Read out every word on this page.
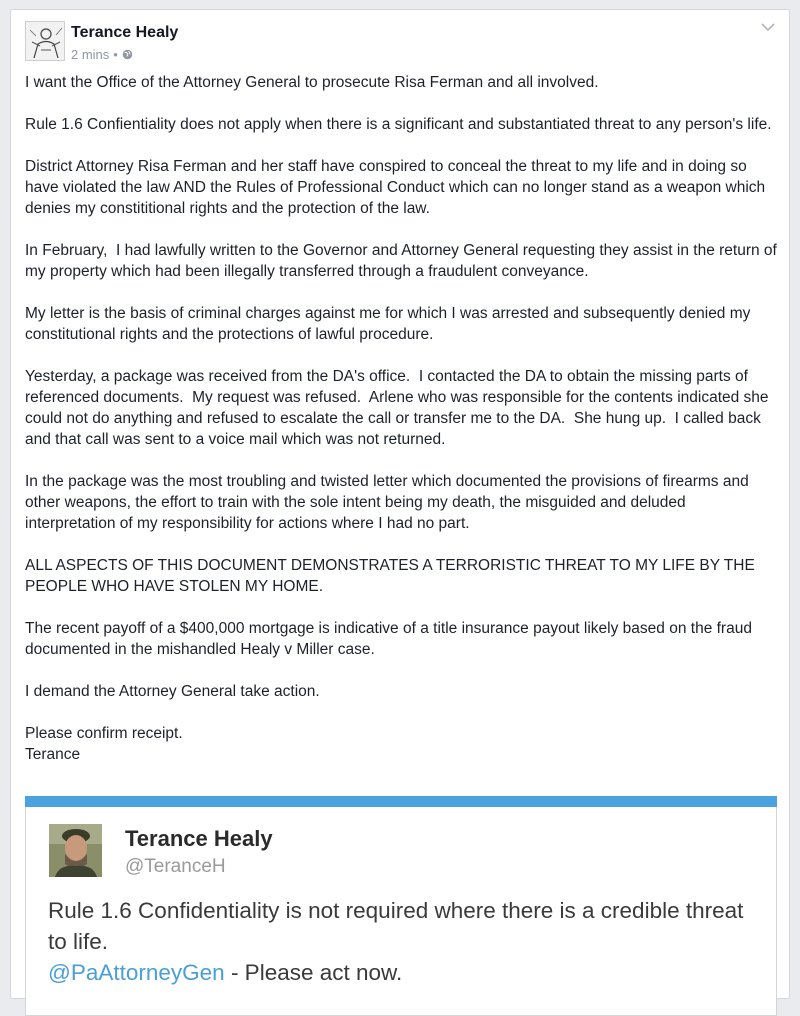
Terance Healy
2 mins •

I want the Office of the Attorney General to prosecute Risa Ferman and all involved.

Rule 1.6 Confientiality does not apply when there is a significant and substantiated threat to any person's life.

District Attorney Risa Ferman and her staff have conspired to conceal the threat to my life and in doing so have violated the law AND the Rules of Professional Conduct which can no longer stand as a weapon which denies my constititional rights and the protection of the law.

In February,  I had lawfully written to the Governor and Attorney General requesting they assist in the return of my property which had been illegally transferred through a fraudulent conveyance.

My letter is the basis of criminal charges against me for which I was arrested and subsequently denied my constitutional rights and the protections of lawful procedure.

Yesterday, a package was received from the DA's office.  I contacted the DA to obtain the missing parts of referenced documents.  My request was refused.  Arlene who was responsible for the contents indicated she could not do anything and refused to escalate the call or transfer me to the DA.  She hung up.  I called back and that call was sent to a voice mail which was not returned.

In the package was the most troubling and twisted letter which documented the provisions of firearms and other weapons, the effort to train with the sole intent being my death, the misguided and deluded interpretation of my responsibility for actions where I had no part.

ALL ASPECTS OF THIS DOCUMENT DEMONSTRATES A TERRORISTIC THREAT TO MY LIFE BY THE PEOPLE WHO HAVE STOLEN MY HOME.

The recent payoff of a $400,000 mortgage is indicative of a title insurance payout likely based on the fraud documented in the mishandled Healy v Miller case.

I demand the Attorney General take action.

Please confirm receipt.

Terance

Terance Healy
@TeranceH
Rule 1.6 Confidentiality is not required where there is a credible threat to life.
@PaAttorneyGen - Please act now.
